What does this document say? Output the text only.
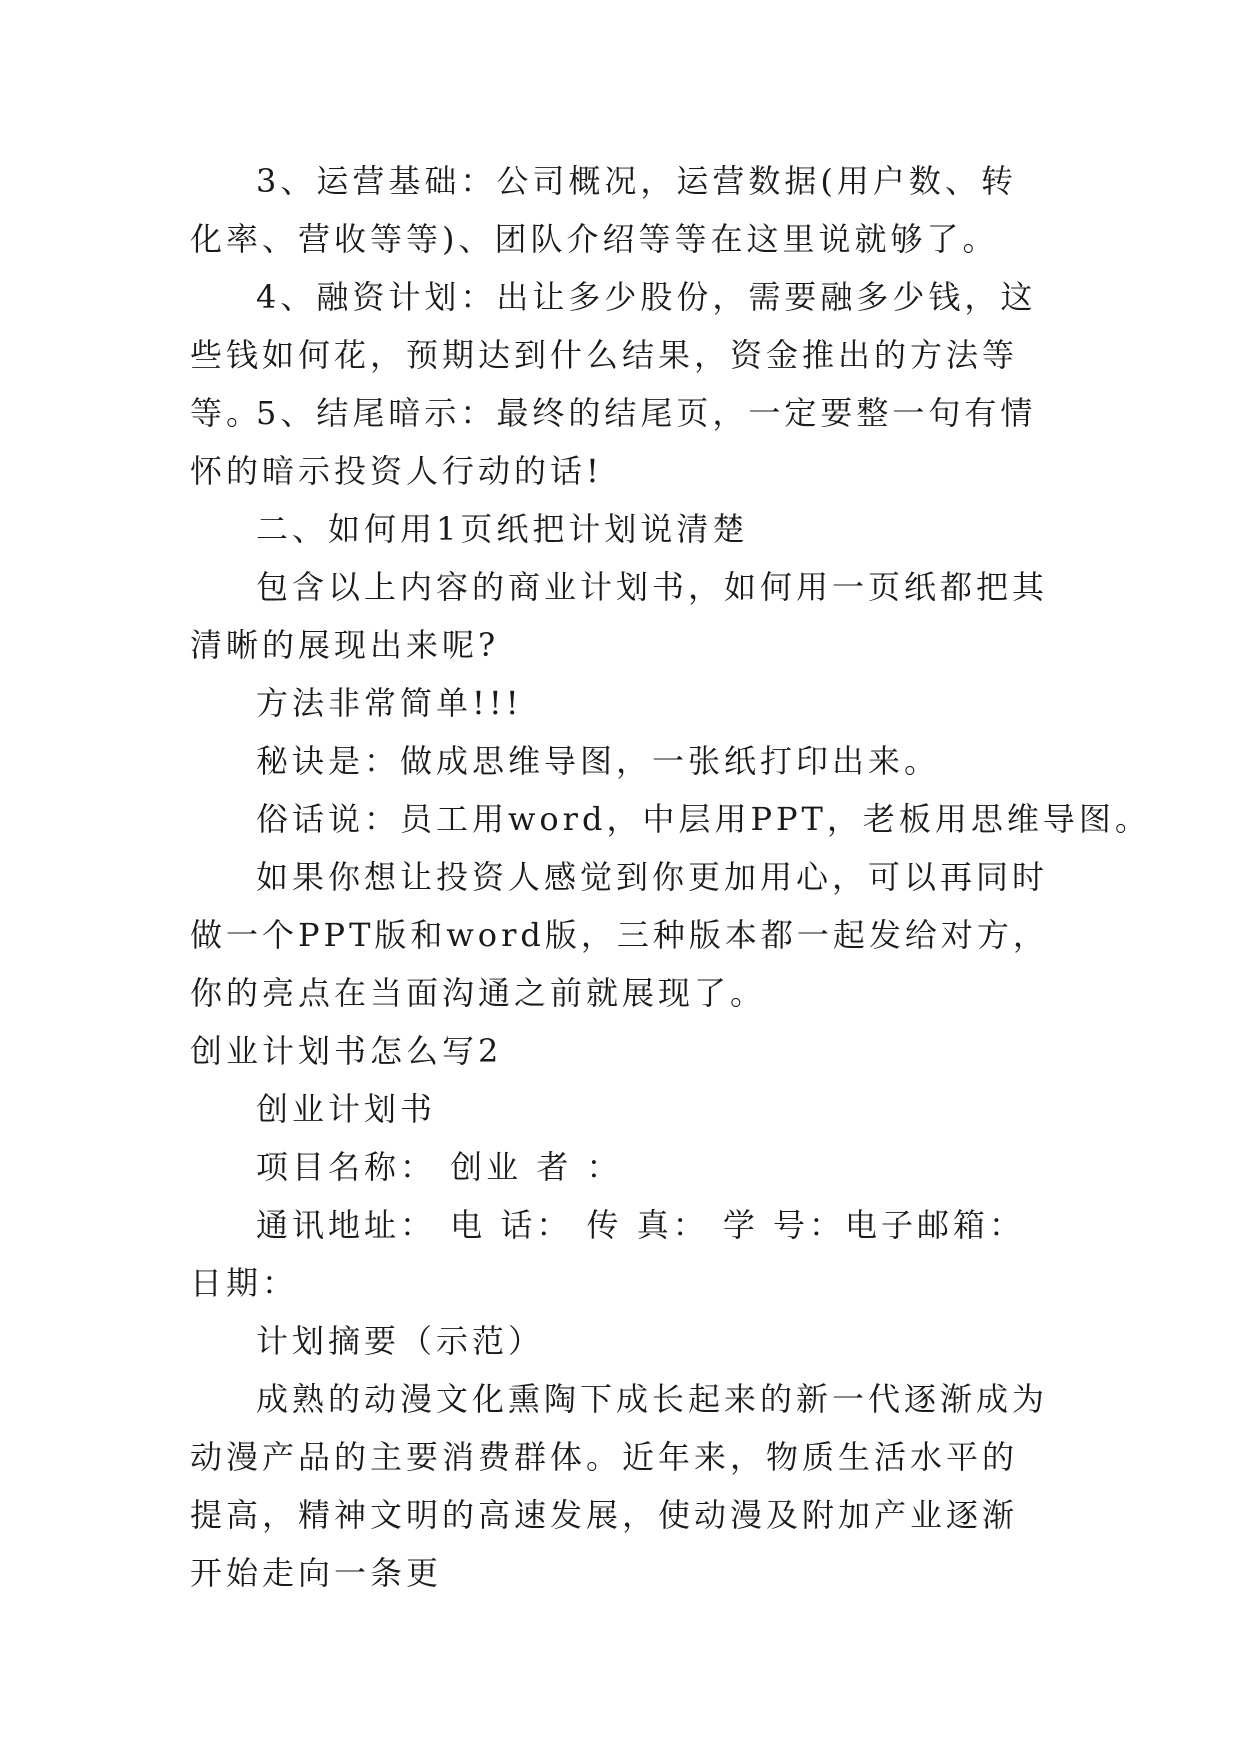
3、运营基础：公司概况，运营数据(用户数、转化率、营收等等)、团队介绍等等在这里说就够了。

4、融资计划：出让多少股份，需要融多少钱，这些钱如何花，预期达到什么结果，资金推出的方法等等。

5、结尾暗示：最终的结尾页，一定要整一句有情怀的暗示投资人行动的话!

二、如何用1页纸把计划说清楚

包含以上内容的商业计划书，如何用一页纸都把其清晰的展现出来呢?

方法非常简单!!!

秘诀是：做成思维导图，一张纸打印出来。

俗话说：员工用word，中层用PPT，老板用思维导图。

如果你想让投资人感觉到你更加用心，可以再同时做一个PPT版和word版，三种版本都一起发给对方，你的亮点在当面沟通之前就展现了。

创业计划书怎么写2

创业计划书

项目名称： 创业 者 ：

通讯地址： 电 话： 传 真： 学 号：电子邮箱： 日期：

计划摘要（示范）

成熟的动漫文化熏陶下成长起来的新一代逐渐成为动漫产品的主要消费群体。近年来，物质生活水平的提高，精神文明的高速发展，使动漫及附加产业逐渐开始走向一条更
